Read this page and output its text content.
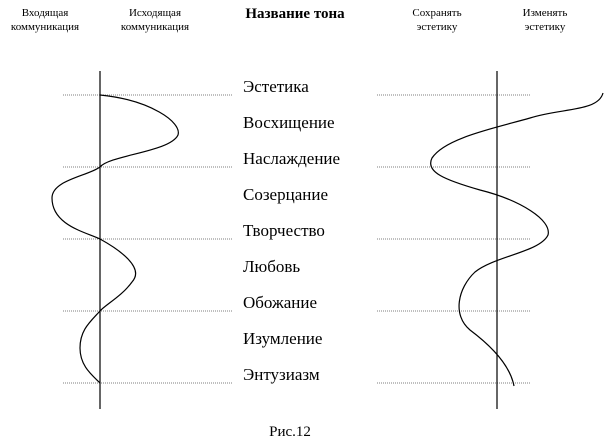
Входящая
коммуникация
Исходящая
коммуникация
Название тона	Сохранять
эстетику
Изменять
эстетику
Эстетика
Восхищение
Наслаждение
Созерцание
Творчество
Любовь
Обожание
Изумление
Энтузиазм
Рис.12
